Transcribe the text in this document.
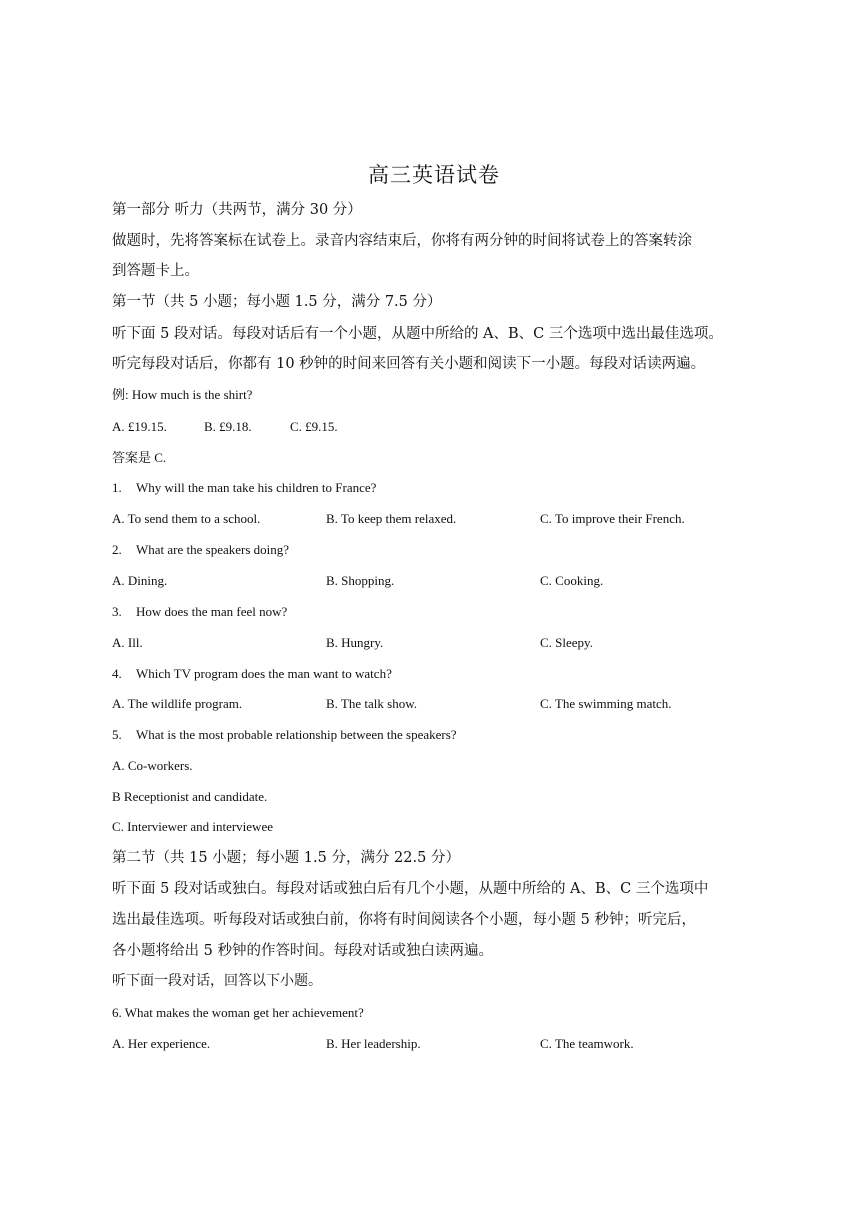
高三英语试卷
第一部分 听力（共两节，满分 30 分）
做题时，先将答案标在试卷上。录音内容结束后，你将有两分钟的时间将试卷上的答案转涂
到答题卡上。
第一节（共 5 小题；每小题 1.5 分，满分 7.5 分）
听下面 5 段对话。每段对话后有一个小题，从题中所给的 A、B、C 三个选项中选出最佳选项。
听完每段对话后，你都有 10 秒钟的时间来回答有关小题和阅读下一小题。每段对话读两遍。
例: How much is the shirt?
A. £19.15.	B. £9.18.	C. £9.15.
答案是 C.
1. Why will the man take his children to France?
A. To send them to a school.	B. To keep them relaxed.	C. To improve their French.
2. What are the speakers doing?
A. Dining.	B. Shopping.	C. Cooking.
3. How does the man feel now?
A. Ill.	B. Hungry.	C. Sleepy.
4. Which TV program does the man want to watch?
A. The wildlife program.	B. The talk show.	C. The swimming match.
5. What is the most probable relationship between the speakers?
A. Co-workers.
B Receptionist and candidate.
C. Interviewer and interviewee
第二节（共 15 小题；每小题 1.5 分，满分 22.5 分）
听下面 5 段对话或独白。每段对话或独白后有几个小题，从题中所给的 A、B、C 三个选项中
选出最佳选项。听每段对话或独白前，你将有时间阅读各个小题，每小题 5 秒钟；听完后，
各小题将给出 5 秒钟的作答时间。每段对话或独白读两遍。
听下面一段对话，回答以下小题。
6. What makes the woman get her achievement?
A. Her experience.	B. Her leadership.	C. The teamwork.
